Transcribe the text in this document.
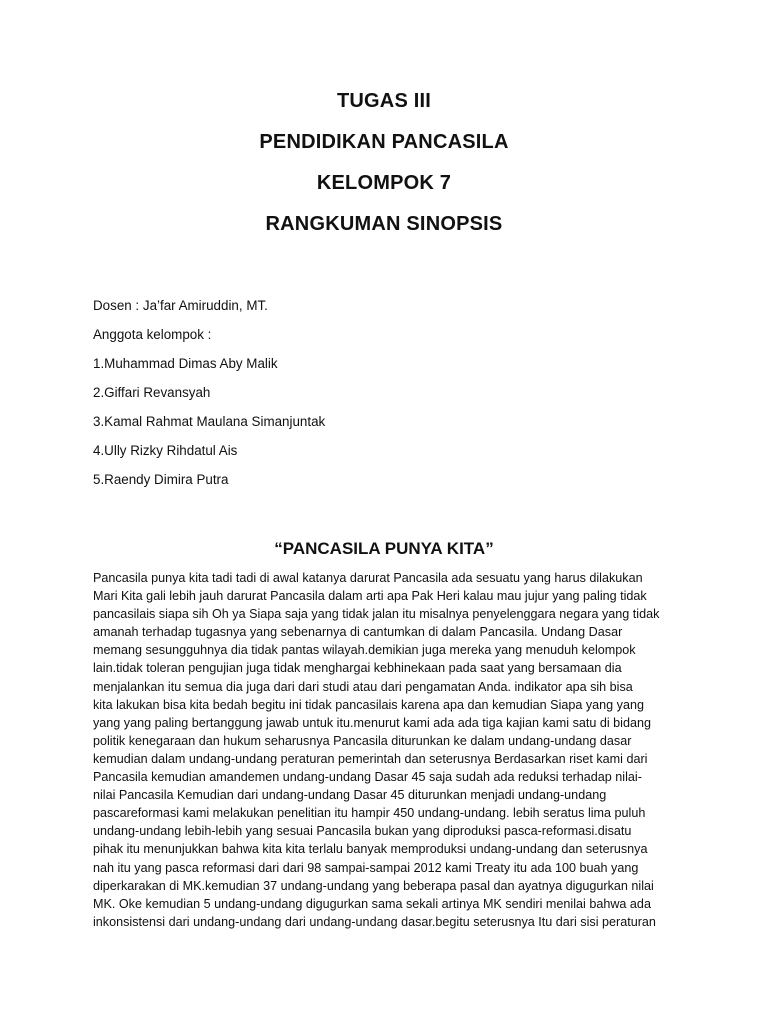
TUGAS III
PENDIDIKAN PANCASILA
KELOMPOK 7
RANGKUMAN SINOPSIS
Dosen : Ja’far Amiruddin, MT.
Anggota kelompok :
1.Muhammad Dimas Aby Malik
2.Giffari Revansyah
3.Kamal Rahmat Maulana Simanjuntak
4.Ully Rizky Rihdatul Ais
5.Raendy Dimira Putra
“PANCASILA PUNYA KITA”
Pancasila punya kita tadi tadi di awal katanya darurat Pancasila ada sesuatu yang harus dilakukan
Mari Kita gali lebih jauh darurat Pancasila dalam arti apa Pak Heri kalau mau jujur yang paling tidak
pancasilais siapa sih Oh ya Siapa saja yang tidak jalan itu misalnya penyelenggara negara yang tidak
amanah terhadap tugasnya yang sebenarnya di cantumkan di dalam Pancasila. Undang Dasar
memang sesungguhnya dia tidak pantas wilayah.demikian juga mereka yang menuduh kelompok
lain.tidak toleran pengujian juga tidak menghargai kebhinekaan pada saat yang bersamaan dia
menjalankan itu semua dia juga dari dari studi atau dari pengamatan Anda. indikator apa sih bisa
kita lakukan bisa kita bedah begitu ini tidak pancasilais karena apa dan kemudian Siapa yang yang
yang yang paling bertanggung jawab untuk itu.menurut kami ada ada tiga kajian kami satu di bidang
politik kenegaraan dan hukum seharusnya Pancasila diturunkan ke dalam undang-undang dasar
kemudian dalam undang-undang peraturan pemerintah dan seterusnya Berdasarkan riset kami dari
Pancasila kemudian amandemen undang-undang Dasar 45 saja sudah ada reduksi terhadap nilai-
nilai Pancasila Kemudian dari undang-undang Dasar 45 diturunkan menjadi undang-undang
pascareformasi kami melakukan penelitian itu hampir 450 undang-undang. lebih seratus lima puluh
undang-undang lebih-lebih yang sesuai Pancasila bukan yang diproduksi pasca-reformasi.disatu
pihak itu menunjukkan bahwa kita kita terlalu banyak memproduksi undang-undang dan seterusnya
nah itu yang pasca reformasi dari dari 98 sampai-sampai 2012 kami Treaty itu ada 100 buah yang
diperkarakan di MK.kemudian 37 undang-undang yang beberapa pasal dan ayatnya digugurkan nilai
MK. Oke kemudian 5 undang-undang digugurkan sama sekali artinya MK sendiri menilai bahwa ada
inkonsistensi dari undang-undang dari undang-undang dasar.begitu seterusnya Itu dari sisi peraturan
